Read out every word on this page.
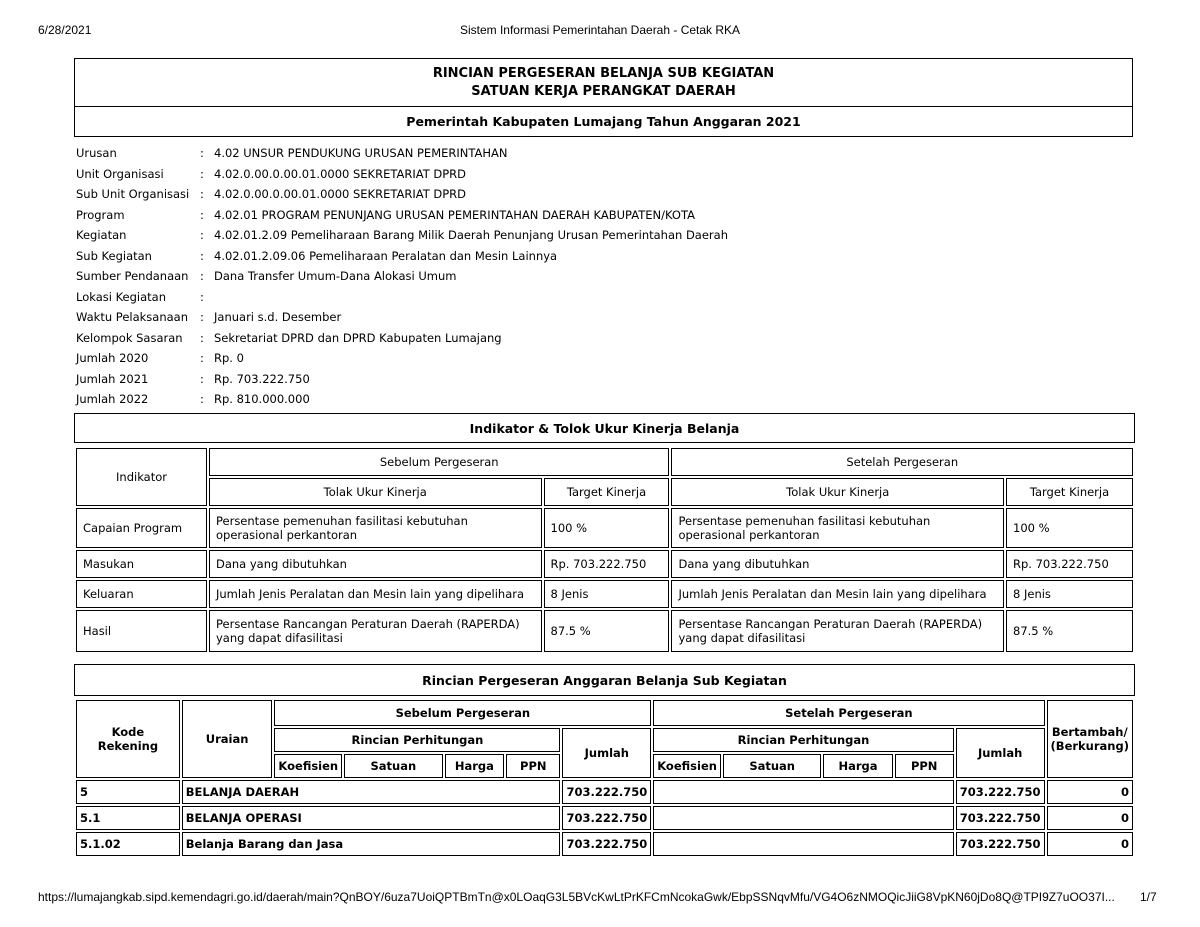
6/28/2021	Sistem Informasi Pemerintahan Daerah - Cetak RKA
RINCIAN PERGESERAN BELANJA SUB KEGIATAN
SATUAN KERJA PERANGKAT DAERAH
Pemerintah Kabupaten Lumajang Tahun Anggaran 2021
Urusan	: 4.02 UNSUR PENDUKUNG URUSAN PEMERINTAHAN
Unit Organisasi	: 4.02.0.00.0.00.01.0000 SEKRETARIAT DPRD
Sub Unit Organisasi : 4.02.0.00.0.00.01.0000 SEKRETARIAT DPRD
Program	: 4.02.01 PROGRAM PENUNJANG URUSAN PEMERINTAHAN DAERAH KABUPATEN/KOTA
Kegiatan	: 4.02.01.2.09 Pemeliharaan Barang Milik Daerah Penunjang Urusan Pemerintahan Daerah
Sub Kegiatan	: 4.02.01.2.09.06 Pemeliharaan Peralatan dan Mesin Lainnya
Sumber Pendanaan	: Dana Transfer Umum-Dana Alokasi Umum
Lokasi Kegiatan	:
Waktu Pelaksanaan	: Januari s.d. Desember
Kelompok Sasaran	: Sekretariat DPRD dan DPRD Kabupaten Lumajang
Jumlah 2020	: Rp. 0
Jumlah 2021	: Rp. 703.222.750
Jumlah 2022	: Rp. 810.000.000
Indikator & Tolok Ukur Kinerja Belanja
Indikator	Sebelum Pergeseran		Setelah Pergeseran	
	Tolak Ukur Kinerja	Target Kinerja	Tolak Ukur Kinerja	Target Kinerja
Capaian Program	Persentase pemenuhan fasilitasi kebutuhan operasional perkantoran	100 %	Persentase pemenuhan fasilitasi kebutuhan operasional perkantoran	100 %
Masukan	Dana yang dibutuhkan	Rp. 703.222.750	Dana yang dibutuhkan	Rp. 703.222.750
Keluaran	Jumlah Jenis Peralatan dan Mesin lain yang dipelihara	8 Jenis	Jumlah Jenis Peralatan dan Mesin lain yang dipelihara	8 Jenis
Hasil	Persentase Rancangan Peraturan Daerah (RAPERDA) yang dapat difasilitasi	87.5 %	Persentase Rancangan Peraturan Daerah (RAPERDA) yang dapat difasilitasi	87.5 %
Rincian Pergeseran Anggaran Belanja Sub Kegiatan
Kode Rekening	Uraian	Sebelum Pergeseran					Setelah Pergeseran					Bertambah/ (Berkurang)
		Rincian Perhitungan				Jumlah	Rincian Perhitungan				Jumlah	
		Koefisien	Satuan	Harga	PPN		Koefisien	Satuan	Harga	PPN		
5	BELANJA DAERAH					703.222.750					703.222.750	0
5.1	BELANJA OPERASI					703.222.750					703.222.750	0
5.1.02	Belanja Barang dan Jasa					703.222.750					703.222.750	0
https://lumajangkab.sipd.kemendagri.go.id/daerah/main?QnBOY/6uza7UoiQPTBmTn@x0LOaqG3L5BVcKwLtPrKFCmNcokaGwk/EbpSSNqvMfu/VG4O6zNMOQicJiiG8VpKN60jDo8Q@TPI9Z7uOO37I...	1/7
